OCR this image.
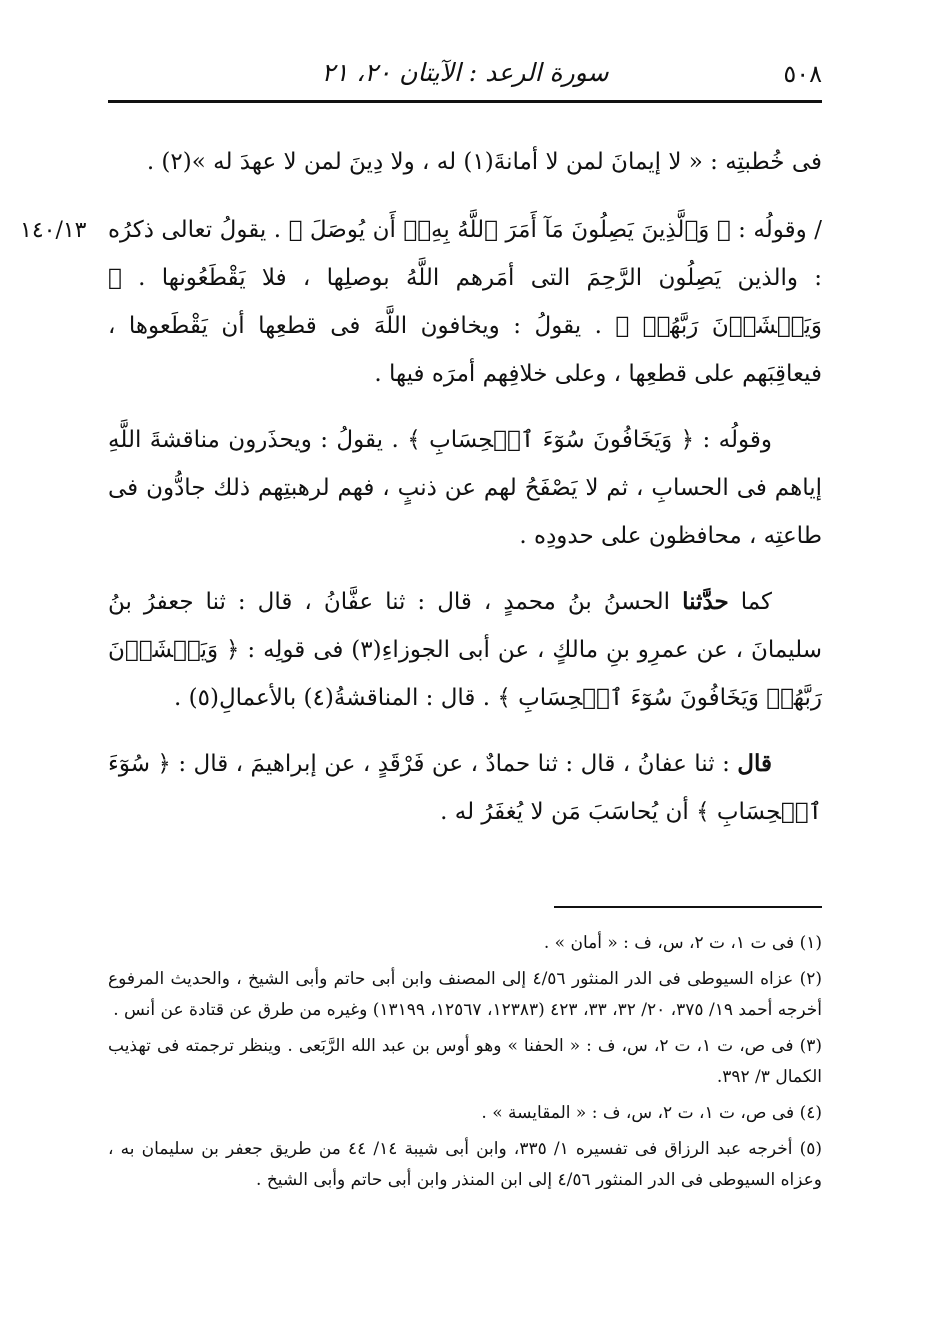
٥٠٨
سورة الرعد : الآيتان ٢٠، ٢١
١٤٠/١٣

فى خُطبتِه : « لا إيمانَ لمن لا أمانةَ(١) له ، ولا دِينَ لمن لا عهدَ له »(٢) .

/ وقولُه : ﴿ وَٱلَّذِينَ يَصِلُونَ مَآ أَمَرَ ٱللَّهُ بِهِۦٓ أَن يُوصَلَ ﴾ . يقولُ تعالى ذكرُه : والذين يَصِلُون الرَّحِمَ التى أمَرهم اللَّهُ بوصلِها ، فلا يَقْطَعُونها . ﴿ وَيَخۡشَوۡنَ رَبَّهُمۡ ﴾ . يقولُ : ويخافون اللَّهَ فى قطعِها أن يَقْطَعوها ، فيعاقِبَهم على قطعِها ، وعلى خلافِهم أمرَه فيها .

وقولُه : ﴿ وَيَخَافُونَ سُوٓءَ ٱلۡحِسَابِ ﴾ . يقولُ : ويحذَرون مناقشةَ اللَّهِ إياهم فى الحسابِ ، ثم لا يَصْفَحُ لهم عن ذنبٍ ، فهم لرهبتِهم ذلك جادُّون فى طاعتِه ، محافظون على حدودِه .

كما حدَّثنا الحسنُ بنُ محمدٍ ، قال : ثنا عفَّانُ ، قال : ثنا جعفرُ بنُ سليمانَ ، عن عمرِو بنِ مالكٍ ، عن أبى الجوزاءِ(٣) فى قولِه : ﴿ وَيَخۡشَوۡنَ رَبَّهُمۡ وَيَخَافُونَ سُوٓءَ ٱلۡحِسَابِ ﴾ . قال : المناقشةُ(٤) بالأعمالِ(٥) .

قال : ثنا عفانُ ، قال : ثنا حمادٌ ، عن فَرْقَدٍ ، عن إبراهيمَ ، قال : ﴿ سُوٓءَ ٱلۡحِسَابِ ﴾ أن يُحاسَبَ مَن لا يُغفَرُ له .

(١) فى ت ١، ت ٢، س، ف : « أمان » .

(٢) عزاه السيوطى فى الدر المنثور ٤/٥٦ إلى المصنف وابن أبى حاتم وأبى الشيخ ، والحديث المرفوع أخرجه أحمد ١٩/ ٣٧٥، ٢٠/ ٣٢، ٣٣، ٤٢٣ (١٢٣٨٣، ١٢٥٦٧، ١٣١٩٩) وغيره من طرق عن قتادة عن أنس .

(٣) فى ص، ت ١، ت ٢، س، ف : « الحفنا » وهو أوس بن عبد الله الرَّبَعى . وينظر ترجمته فى تهذيب الكمال ٣/ ٣٩٢.

(٤) فى ص، ت ١، ت ٢، س، ف : « المقايسة » .

(٥) أخرجه عبد الرزاق فى تفسيره ١/ ٣٣٥، وابن أبى شيبة ١٤/ ٤٤ من طريق جعفر بن سليمان به ، وعزاه السيوطى فى الدر المنثور ٤/٥٦ إلى ابن المنذر وابن أبى حاتم وأبى الشيخ .
